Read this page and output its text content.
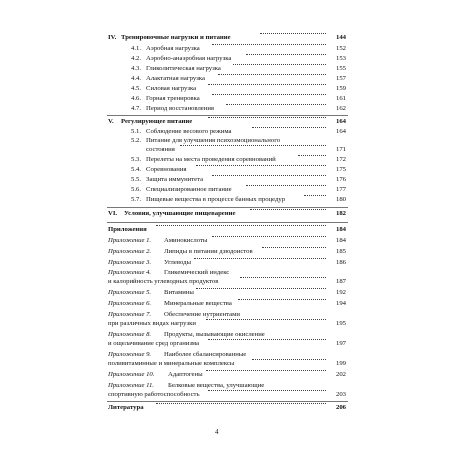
IV. Тренировочные нагрузки и питание	144
4.1. Аэробная нагрузка	152
4.2. Аэробно-анаэробная нагрузка	153
4.3. Гликолитическая нагрузка	155
4.4. Алактатная нагрузка	157
4.5. Силовая нагрузка	159
4.6. Горная тренировка	161
4.7. Период восстановления	162
V.	Регулирующее питание	164
5.1. Соблюдение весового режима	164
5.2. Питание для улучшения психоэмоционального
состояния	171
5.3. Перелеты на места проведения соревнований	172
5.4. Соревнования	175
5.5. Защита иммунитета	176
5.6. Специализированное питание	177
5.7. Пищевые вещества в процессе банных процедур	180
VI.	Условия, улучшающие пищеварение	182
Приложения	184
Приложение 1. Аминокислоты	184
Приложение 2. Липиды в питании дзюдоистов	185
Приложение 3. Углеводы	186
Приложение 4. Гликемический индекс
и калорийность углеводных продуктов	187
Приложение 5. Витамины	192
Приложение 6. Минеральные вещества	194
Приложение 7. Обеспечение нутриентами
при различных видах нагрузки	195
Приложение 8. Продукты, вызывающие окисление
и ощелачивание сред организма	197
Приложение 9. Наиболее сбалансированные
поливитаминные и минеральные комплексы	199
Приложение 10. Адаптогены	202
Приложение 11. Белковые вещества, улучшающие
спортивную работоспособность	203
Литература	206
4
